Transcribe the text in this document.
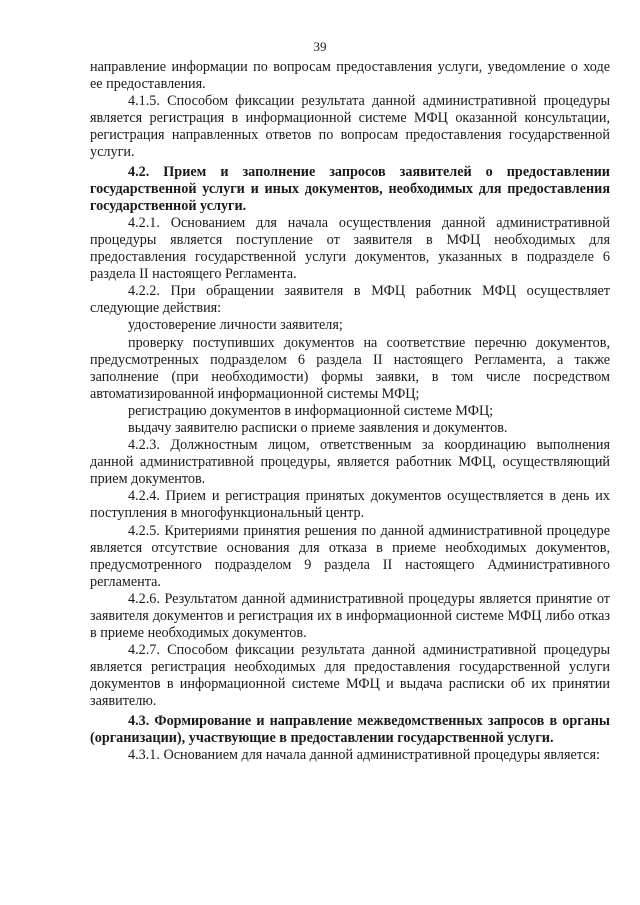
39

направление информации по вопросам предоставления услуги, уведомление о ходе ее предоставления.

4.1.5. Способом фиксации результата данной административной процедуры является регистрация в информационной системе МФЦ оказанной консультации, регистрация направленных ответов по вопросам предоставления государственной услуги.

4.2. Прием и заполнение запросов заявителей о предоставлении государственной услуги и иных документов, необходимых для предоставления государственной услуги.

4.2.1. Основанием для начала осуществления данной административной процедуры является поступление от заявителя в МФЦ необходимых для предоставления государственной услуги документов, указанных в подразделе 6 раздела II настоящего Регламента.

4.2.2. При обращении заявителя в МФЦ работник МФЦ осуществляет следующие действия:

удостоверение личности заявителя;

проверку поступивших документов на соответствие перечню документов, предусмотренных подразделом 6 раздела II настоящего Регламента, а также заполнение (при необходимости) формы заявки, в том числе посредством автоматизированной информационной системы МФЦ;

регистрацию документов в информационной системе МФЦ;

выдачу заявителю расписки о приеме заявления и документов.

4.2.3. Должностным лицом, ответственным за координацию выполнения данной административной процедуры, является работник МФЦ, осуществляющий прием документов.

4.2.4. Прием и регистрация принятых документов осуществляется в день их поступления в многофункциональный центр.

4.2.5. Критериями принятия решения по данной административной процедуре является отсутствие основания для отказа в приеме необходимых документов, предусмотренного подразделом 9 раздела II настоящего Административного регламента.

4.2.6. Результатом данной административной процедуры является принятие от заявителя документов и регистрация их в информационной системе МФЦ либо отказ в приеме необходимых документов.

4.2.7. Способом фиксации результата данной административной процедуры является регистрация необходимых для предоставления государственной услуги документов в информационной системе МФЦ и выдача расписки об их принятии заявителю.

4.3. Формирование и направление межведомственных запросов в органы (организации), участвующие в предоставлении государственной услуги.

4.3.1. Основанием для начала данной административной процедуры является:
